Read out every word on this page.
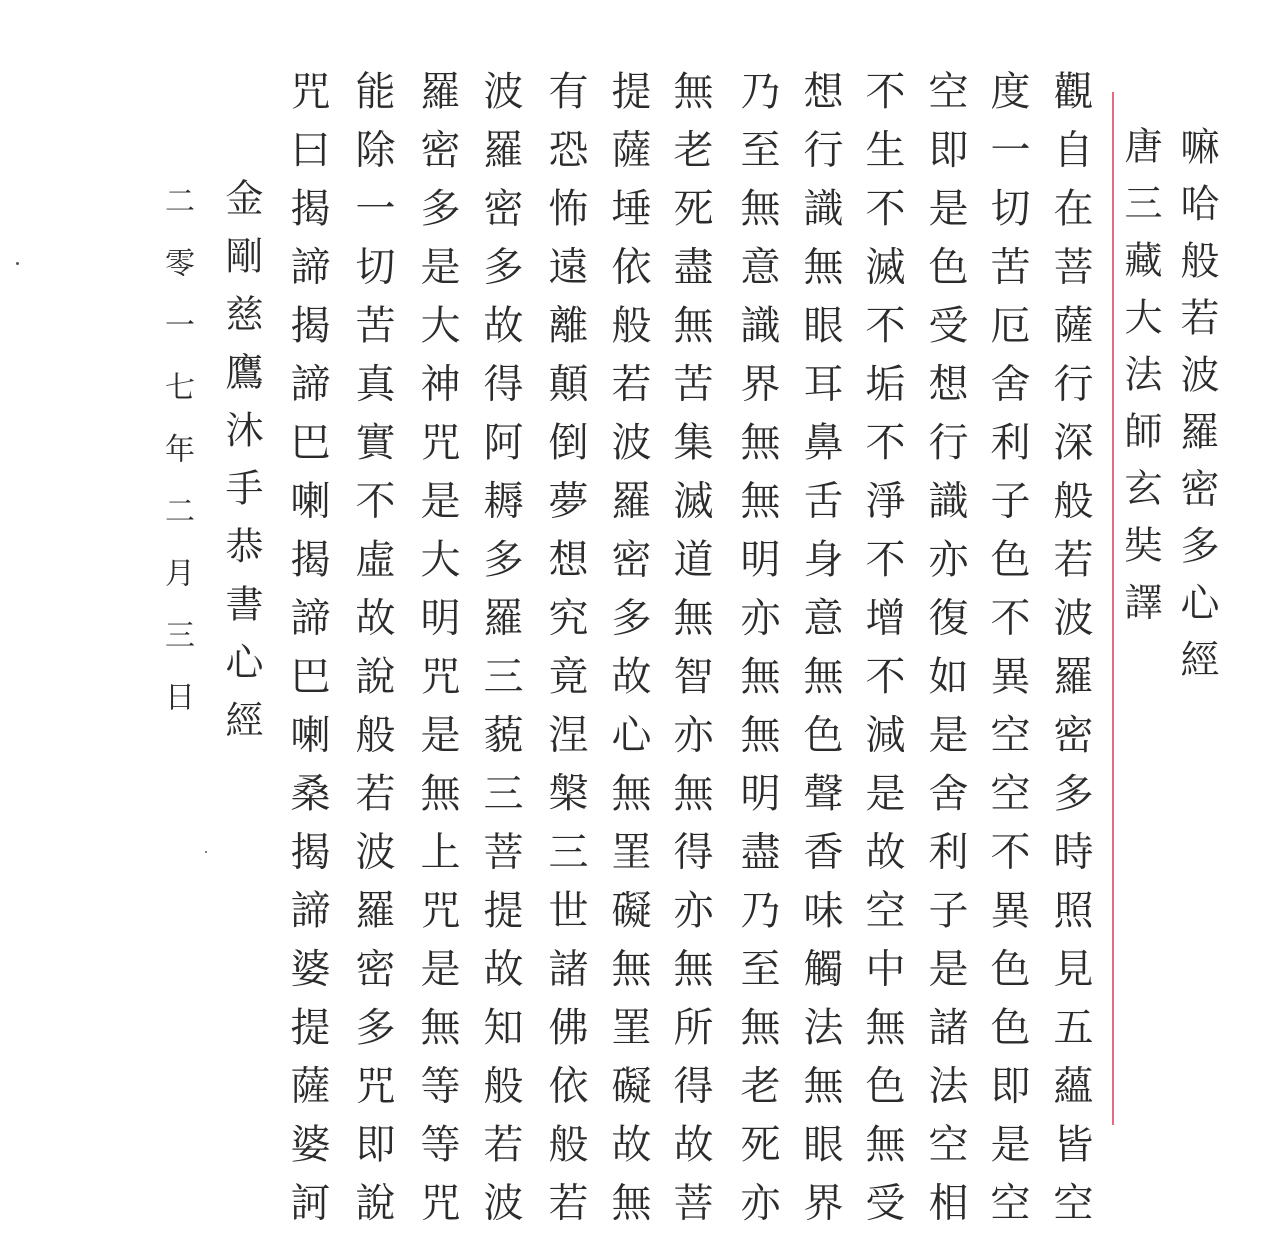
嘛哈般若波羅密多心經
唐三藏大法師玄奘譯
觀自在菩薩行深般若波羅密多時照見五蘊皆空
度一切苦厄舍利子色不異空空不異色色即是空
空即是色受想行識亦復如是舍利子是諸法空相
不生不滅不垢不淨不增不減是故空中無色無受
想行識無眼耳鼻舌身意無色聲香味觸法無眼界
乃至無意識界無無明亦無無明盡乃至無老死亦
無老死盡無苦集滅道無智亦無得亦無所得故菩
提薩埵依般若波羅密多故心無罣礙無罣礙故無
有恐怖遠離顛倒夢想究竟涅槃三世諸佛依般若
波羅密多故得阿耨多羅三藐三菩提故知般若波
羅密多是大神咒是大明咒是無上咒是無等等咒
能除一切苦真實不虛故說般若波羅密多咒即說
咒曰揭諦揭諦巴喇揭諦巴喇桑揭諦婆提薩婆訶
金剛慈鷹沐手恭書心經
二零一七年二月三日
